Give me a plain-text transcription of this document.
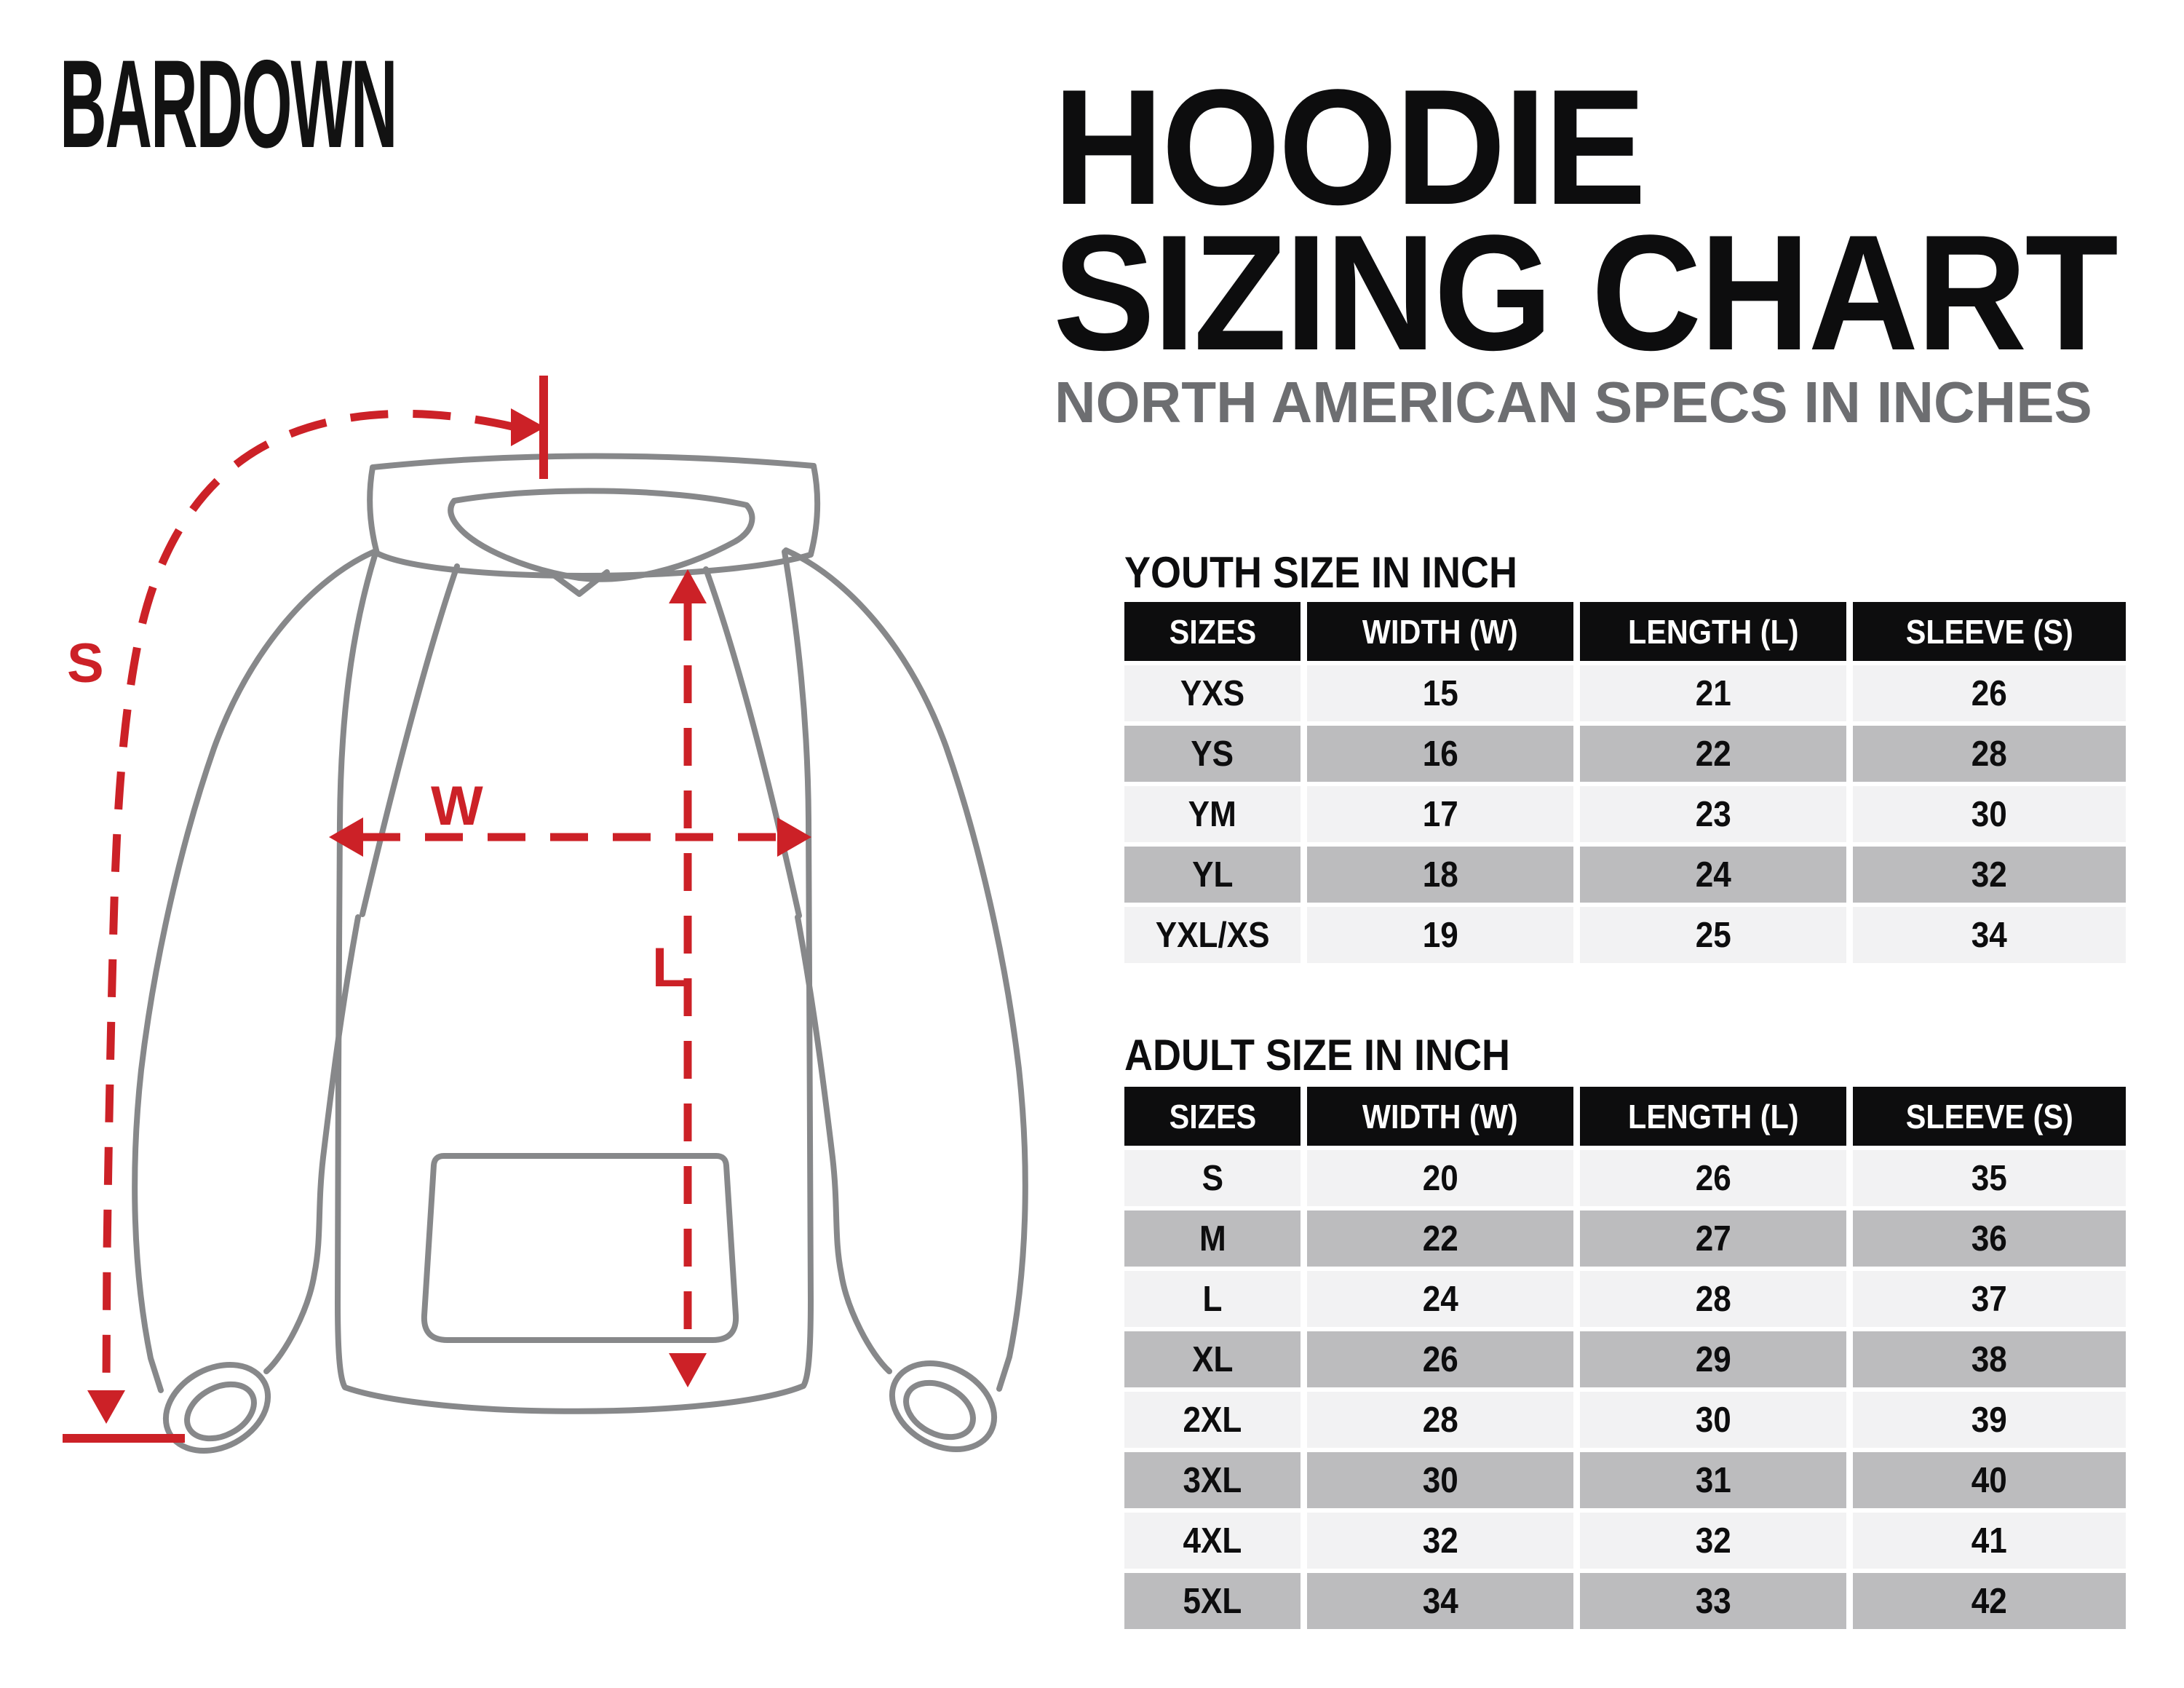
BARDOWN	HOODIE
SIZING CHART
NORTH AMERICAN SPECS IN INCHES
YOUTH SIZE IN INCH
ADULT SIZE IN INCH
SIZES	WIDTH (W)	LENGTH (L)	SLEEVE (S)
YXS	15	21	26
YS	16	22	28
YM	17	23	30
YL	18	24	32
YXL/XS	19	25	34
SIZES	WIDTH (W)	LENGTH (L)	SLEEVE (S)
S	20	26	35
M	22	27	36
L	24	28	37
XL	26	29	38
2XL	28	30	39
3XL	30	31	40
4XL	32	32	41
5XL	34	33	42
S
W
L
